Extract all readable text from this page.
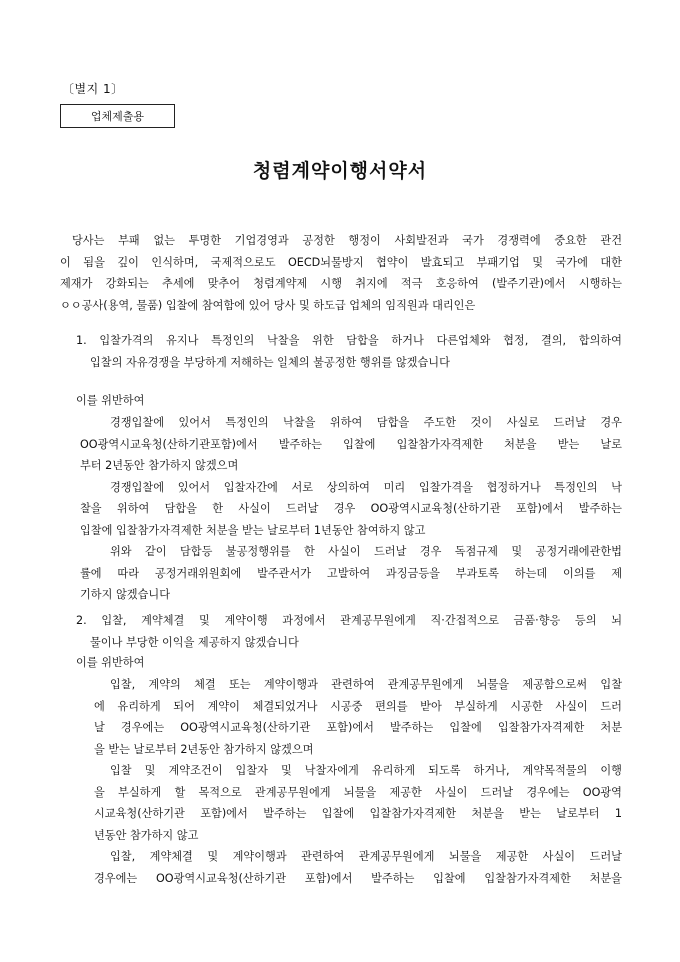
〔별지 1〕
업체제출용
청렴계약이행서약서
당사는 부패 없는 투명한 기업경영과 공정한 행정이 사회발전과 국가 경쟁력에 중요한 관건
이 됨을 깊이 인식하며, 국제적으로도 OECD뇌물방지 협약이 발효되고 부패기업 및 국가에 대한
제재가 강화되는 추세에 맞추어 청렴계약제 시행 취지에 적극 호응하여 (발주기관)에서 시행하는
ㅇㅇ공사(용역, 물품) 입찰에 참여함에 있어 당사 및 하도급 업체의 임직원과 대리인은
1. 입찰가격의 유지나 특정인의 낙찰을 위한 담합을 하거나 다른업체와 협정, 결의, 합의하여
입찰의 자유경쟁을 부당하게 저해하는 일체의 불공정한 행위를 않겠습니다
이를 위반하여
경쟁입찰에 있어서 특정인의 낙찰을 위하여 담합을 주도한 것이 사실로 드러날 경우
OO광역시교육청(산하기관포함)에서 발주하는 입찰에 입찰참가자격제한 처분을 받는 날로
부터 2년동안 참가하지 않겠으며
경쟁입찰에 있어서 입찰자간에 서로 상의하여 미리 입찰가격을 협정하거나 특정인의 낙
찰을 위하여 담합을 한 사실이 드러날 경우 OO광역시교육청(산하기관 포함)에서 발주하는
입찰에 입찰참가자격제한 처분을 받는 날로부터 1년동안 참여하지 않고
위와 같이 담합등 불공정행위를 한 사실이 드러날 경우 독점규제 및 공정거래에관한법
률에 따라 공정거래위원회에 발주관서가 고발하여 과징금등을 부과토록 하는데 이의를 제
기하지 않겠습니다
2. 입찰, 계약체결 및 계약이행 과정에서 관계공무원에게 직·간접적으로 금품·향응 등의 뇌
물이나 부당한 이익을 제공하지 않겠습니다
이를 위반하여
입찰, 계약의 체결 또는 계약이행과 관련하여 관계공무원에게 뇌물을 제공함으로써 입찰
에 유리하게 되어 계약이 체결되었거나 시공중 편의를 받아 부실하게 시공한 사실이 드러
날 경우에는 OO광역시교육청(산하기관 포함)에서 발주하는 입찰에 입찰참가자격제한 처분
을 받는 날로부터 2년동안 참가하지 않겠으며
입찰 및 계약조건이 입찰자 및 낙찰자에게 유리하게 되도록 하거나, 계약목적물의 이행
을 부실하게 할 목적으로 관계공무원에게 뇌물을 제공한 사실이 드러날 경우에는 OO광역
시교육청(산하기관 포함)에서 발주하는 입찰에 입찰참가자격제한 처분을 받는 날로부터 1
년동안 참가하지 않고
입찰, 계약체결 및 계약이행과 관련하여 관계공무원에게 뇌물을 제공한 사실이 드러날
경우에는 OO광역시교육청(산하기관 포함)에서 발주하는 입찰에 입찰참가자격제한 처분을
